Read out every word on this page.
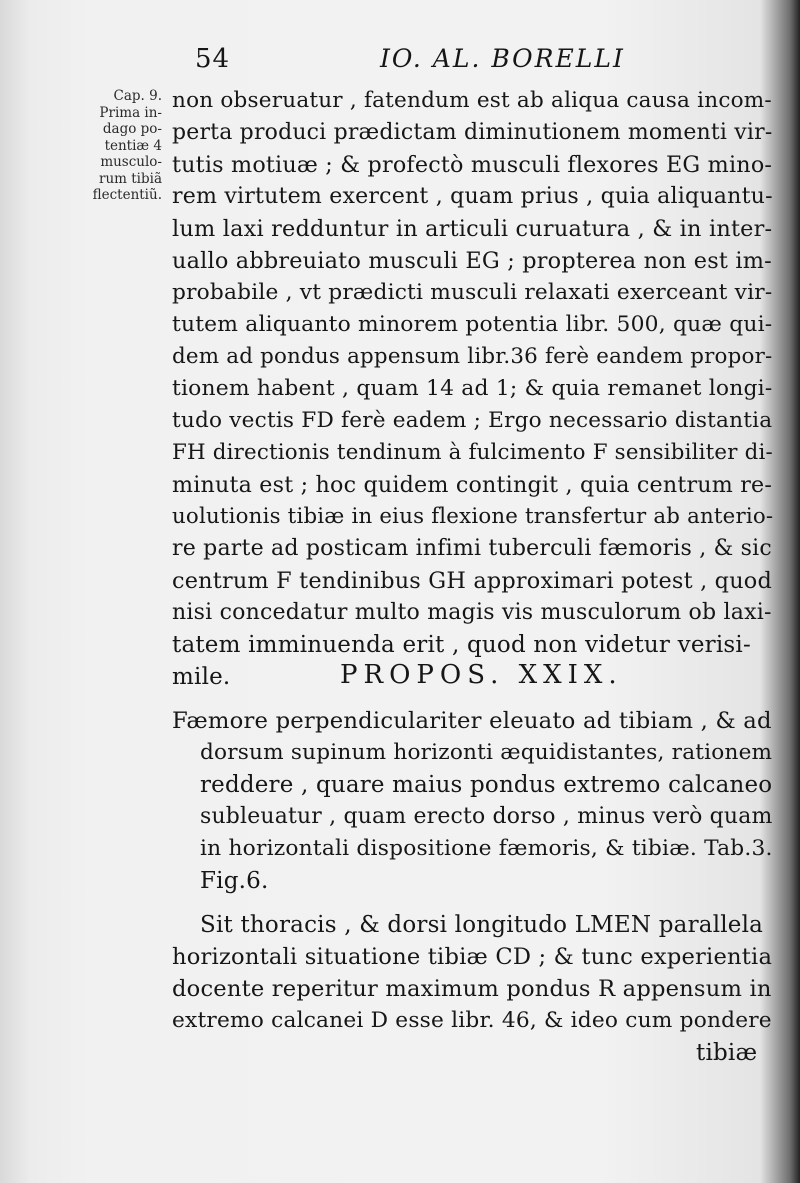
54	IO. AL. BORELLI
Cap. 9.
Prima in-
dago po-
tentiæ 4
musculo-
rum tibiã
flectentiũ.
non obseruatur , fatendum est ab aliqua causa incom-
perta produci prædictam diminutionem momenti vir-
tutis motiuæ ; & profectò musculi flexores EG mino-
rem virtutem exercent , quam prius , quia aliquantu-
lum laxi redduntur in articuli curuatura , & in inter-
uallo abbreuiato musculi EG ; propterea non est im-
probabile , vt prædicti musculi relaxati exerceant vir-
tutem aliquanto minorem potentia libr. 500, quæ qui-
dem ad pondus appensum libr.36 ferè eandem propor-
tionem habent , quam 14 ad 1; & quia remanet longi-
tudo vectis FD ferè eadem ; Ergo necessario distantia
FH directionis tendinum à fulcimento F sensibiliter di-
minuta est ; hoc quidem contingit , quia centrum re-
uolutionis tibiæ in eius flexione transfertur ab anterio-
re parte ad posticam infimi tuberculi fæmoris , & sic
centrum F tendinibus GH approximari potest , quod
nisi concedatur multo magis vis musculorum ob laxi-
tatem imminuenda erit , quod non videtur verisi-
mile.	PROPOS. XXIX.
Fæmore perpendiculariter eleuato ad tibiam , & ad
dorsum supinum horizonti æquidistantes, rationem
reddere , quare maius pondus extremo calcaneo
subleuatur , quam erecto dorso , minus verò quam
in horizontali dispositione fæmoris, & tibiæ. Tab.3.
Fig.6.
Sit thoracis , & dorsi longitudo LMEN parallela
horizontali situatione tibiæ CD ; & tunc experientia
docente reperitur maximum pondus R appensum in
extremo calcanei D esse libr. 46, & ideo cum pondere
tibiæ
